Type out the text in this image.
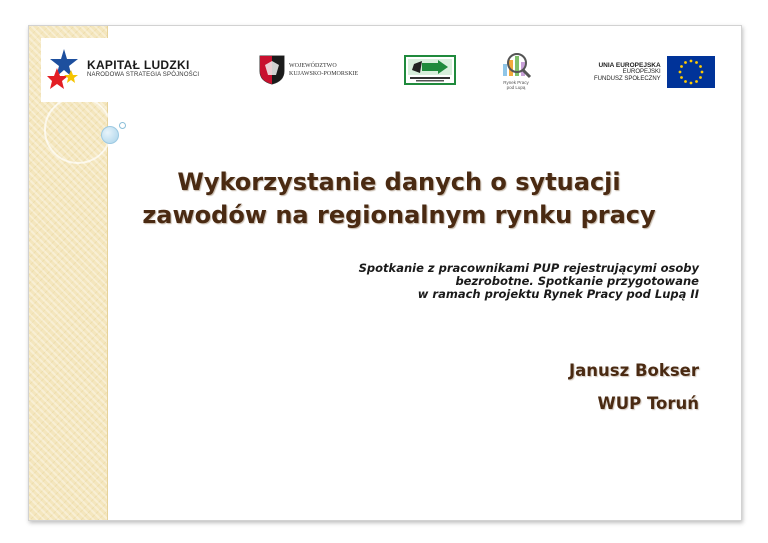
KAPITAŁ LUDZKI
NARODOWA STRATEGIA SPÓJNOŚCI
WOJEWÓDZTWO
KUJAWSKO-POMORSKIE
Rynek Pracy
pod Lupą
UNIA EUROPEJSKA
EUROPEJSKI
FUNDUSZ SPOŁECZNY
Wykorzystanie danych o sytuacji
zawodów na regionalnym rynku pracy
Spotkanie z pracownikami PUP rejestrującymi osoby
bezrobotne. Spotkanie przygotowane
w ramach projektu Rynek Pracy pod Lupą II
Janusz Bokser
WUP Toruń
